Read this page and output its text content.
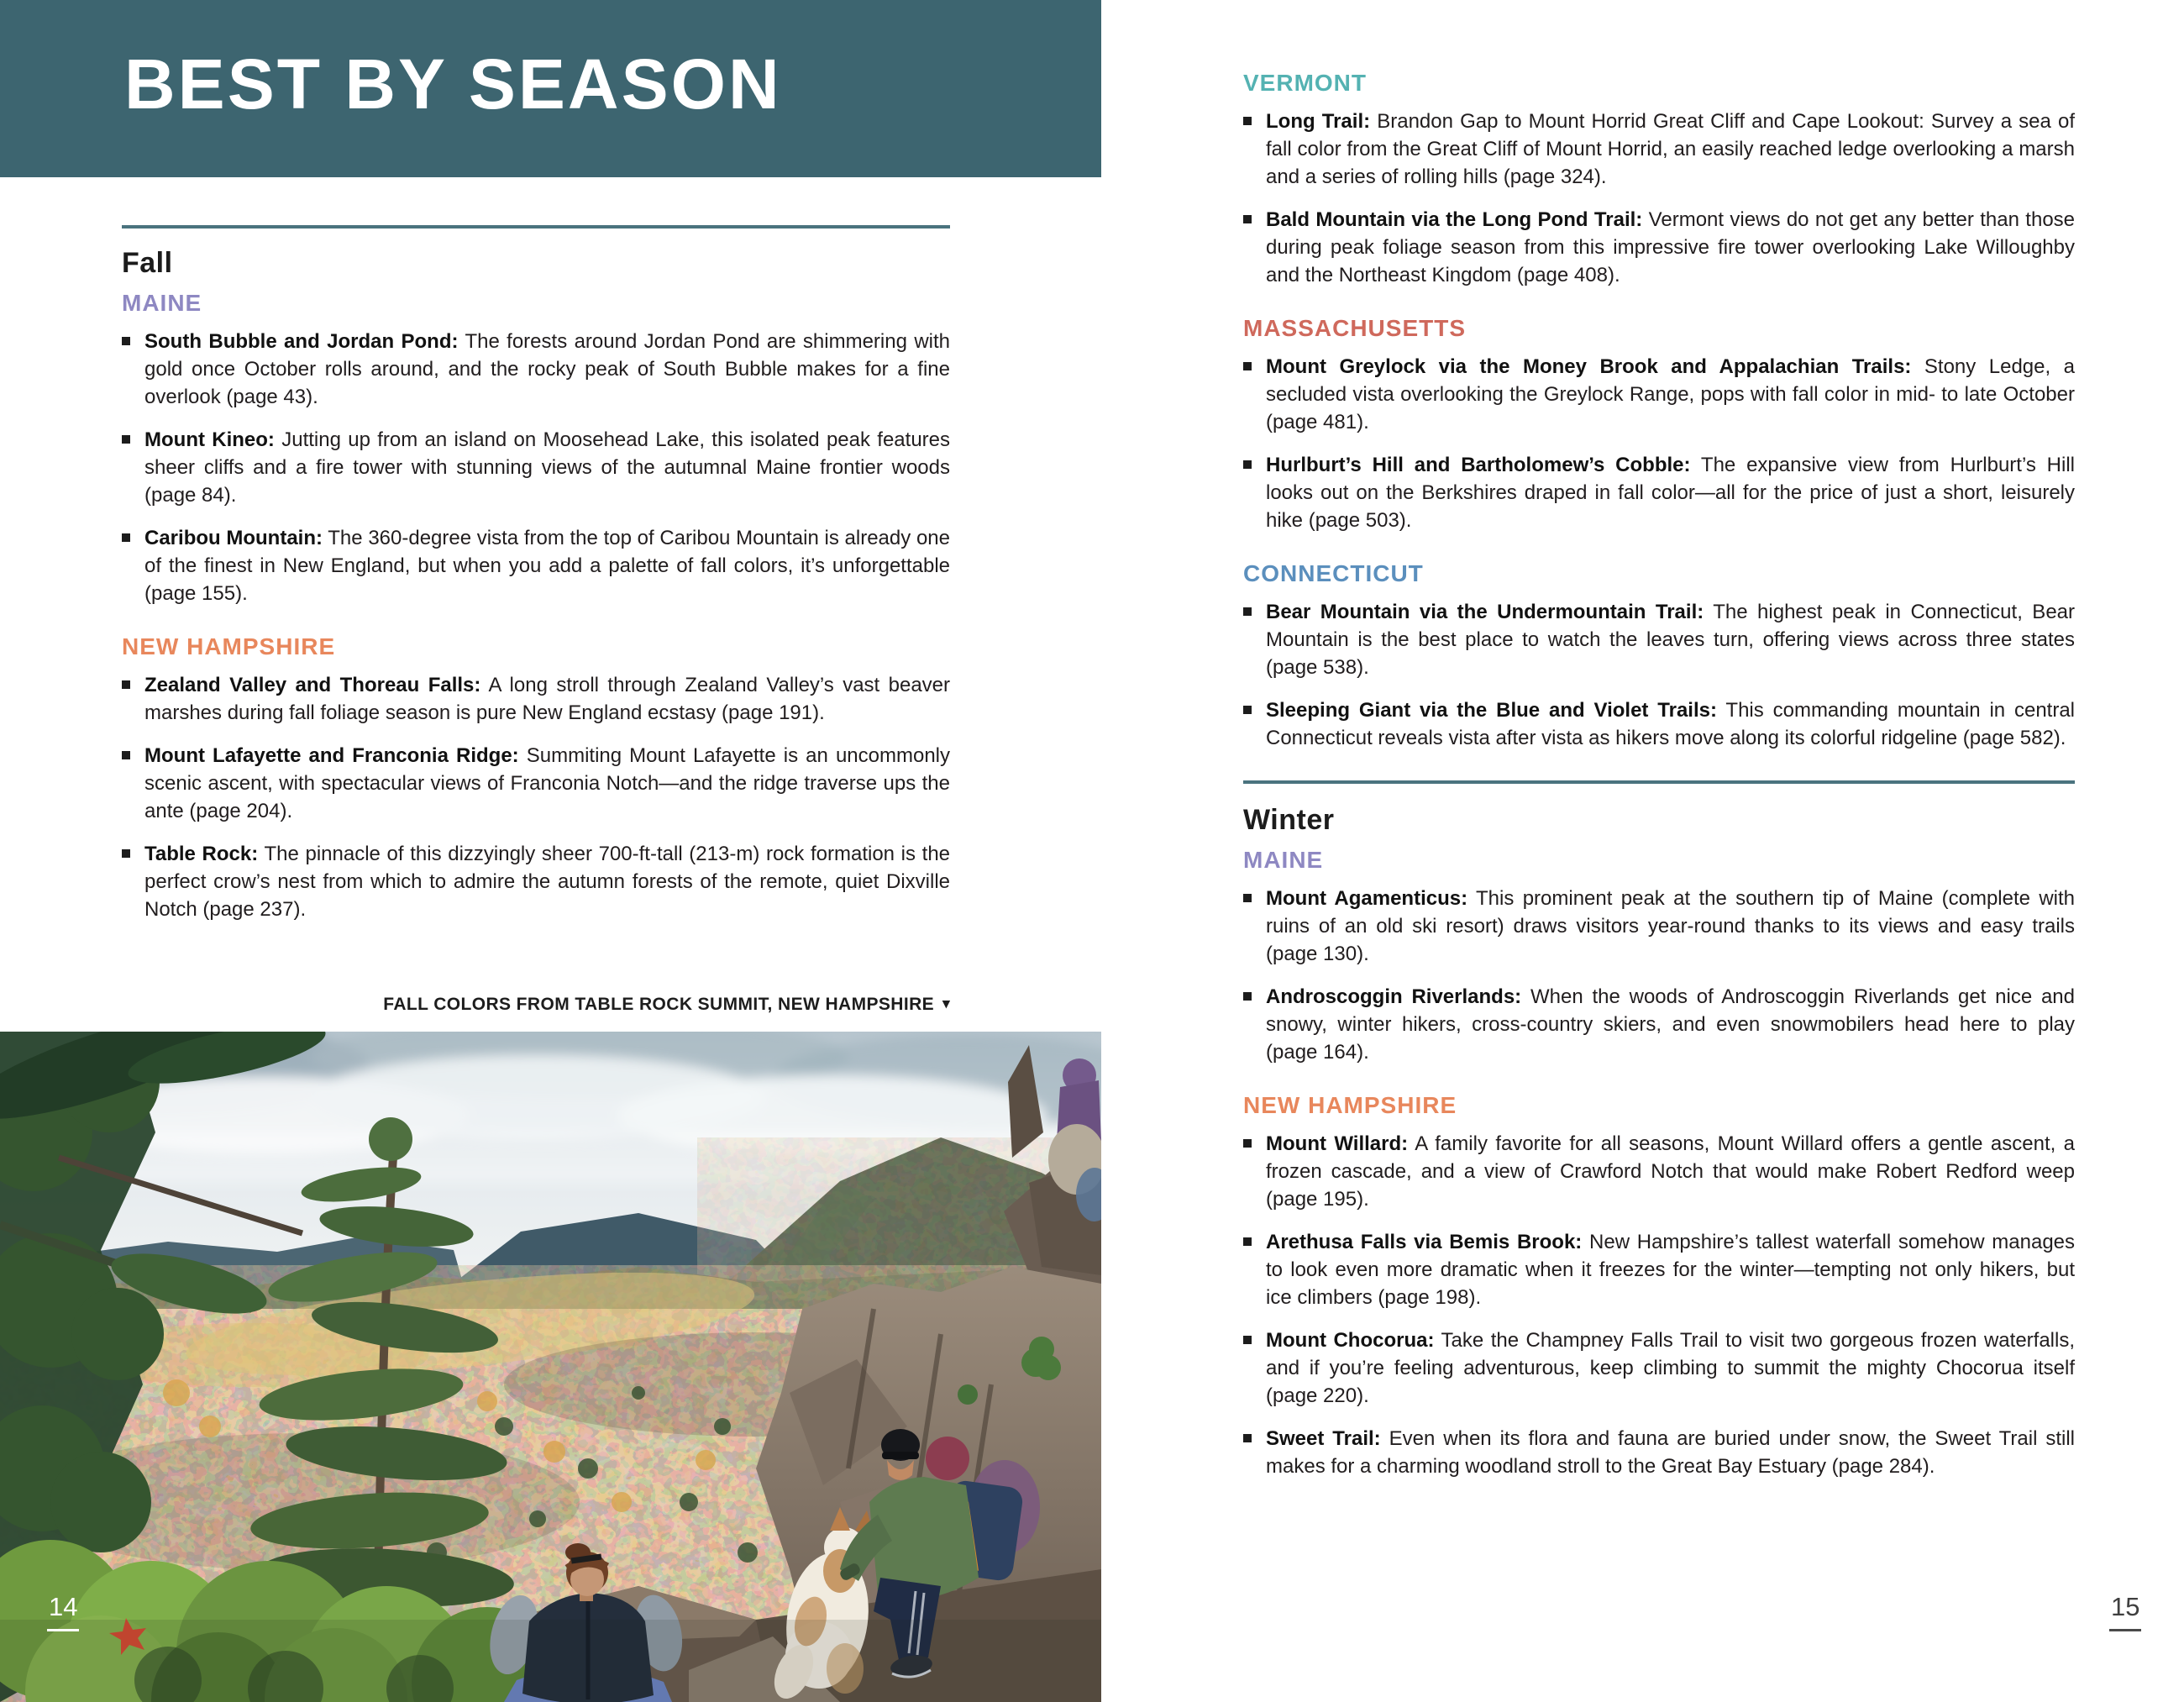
BEST BY SEASON
Fall
MAINE

South Bubble and Jordan Pond: The forests around Jordan Pond are shimmering with gold once October rolls around, and the rocky peak of South Bubble makes for a fine overlook (page 43).

Mount Kineo: Jutting up from an island on Moosehead Lake, this isolated peak features sheer cliffs and a fire tower with stunning views of the autumnal Maine frontier woods (page 84).

Caribou Mountain: The 360-degree vista from the top of Caribou Mountain is already one of the finest in New England, but when you add a palette of fall colors, it’s unforgettable (page 155).

NEW HAMPSHIRE

Zealand Valley and Thoreau Falls: A long stroll through Zealand Valley’s vast beaver marshes during fall foliage season is pure New England ecstasy (page 191).

Mount Lafayette and Franconia Ridge: Summiting Mount Lafayette is an uncommonly scenic ascent, with spectacular views of Franconia Notch—and the ridge traverse ups the ante (page 204).

Table Rock: The pinnacle of this dizzyingly sheer 700-ft-tall (213-m) rock formation is the perfect crow’s nest from which to admire the autumn forests of the remote, quiet Dixville Notch (page 237).

FALL COLORS FROM TABLE ROCK SUMMIT, NEW HAMPSHIRE ▾
14	15
VERMONT

Long Trail: Brandon Gap to Mount Horrid Great Cliff and Cape Lookout: Survey a sea of fall color from the Great Cliff of Mount Horrid, an easily reached ledge overlooking a marsh and a series of rolling hills (page 324).

Bald Mountain via the Long Pond Trail: Vermont views do not get any better than those during peak foliage season from this impressive fire tower overlooking Lake Willoughby and the Northeast Kingdom (page 408).

MASSACHUSETTS

Mount Greylock via the Money Brook and Appalachian Trails: Stony Ledge, a secluded vista overlooking the Greylock Range, pops with fall color in mid- to late October (page 481).

Hurlburt’s Hill and Bartholomew’s Cobble: The expansive view from Hurlburt’s Hill looks out on the Berkshires draped in fall color—all for the price of just a short, leisurely hike (page 503).

CONNECTICUT

Bear Mountain via the Undermountain Trail: The highest peak in Connecticut, Bear Mountain is the best place to watch the leaves turn, offering views across three states (page 538).

Sleeping Giant via the Blue and Violet Trails: This commanding mountain in central Connecticut reveals vista after vista as hikers move along its colorful ridgeline (page 582).

Winter
MAINE

Mount Agamenticus: This prominent peak at the southern tip of Maine (complete with ruins of an old ski resort) draws visitors year-round thanks to its views and easy trails (page 130).

Androscoggin Riverlands: When the woods of Androscoggin Riverlands get nice and snowy, winter hikers, cross-country skiers, and even snowmobilers head here to play (page 164).

NEW HAMPSHIRE

Mount Willard: A family favorite for all seasons, Mount Willard offers a gentle ascent, a frozen cascade, and a view of Crawford Notch that would make Robert Redford weep (page 195).

Arethusa Falls via Bemis Brook: New Hampshire’s tallest waterfall somehow manages to look even more dramatic when it freezes for the winter—tempting not only hikers, but ice climbers (page 198).

Mount Chocorua: Take the Champney Falls Trail to visit two gorgeous frozen waterfalls, and if you’re feeling adventurous, keep climbing to summit the mighty Chocorua itself (page 220).

Sweet Trail: Even when its flora and fauna are buried under snow, the Sweet Trail still makes for a charming woodland stroll to the Great Bay Estuary (page 284).
